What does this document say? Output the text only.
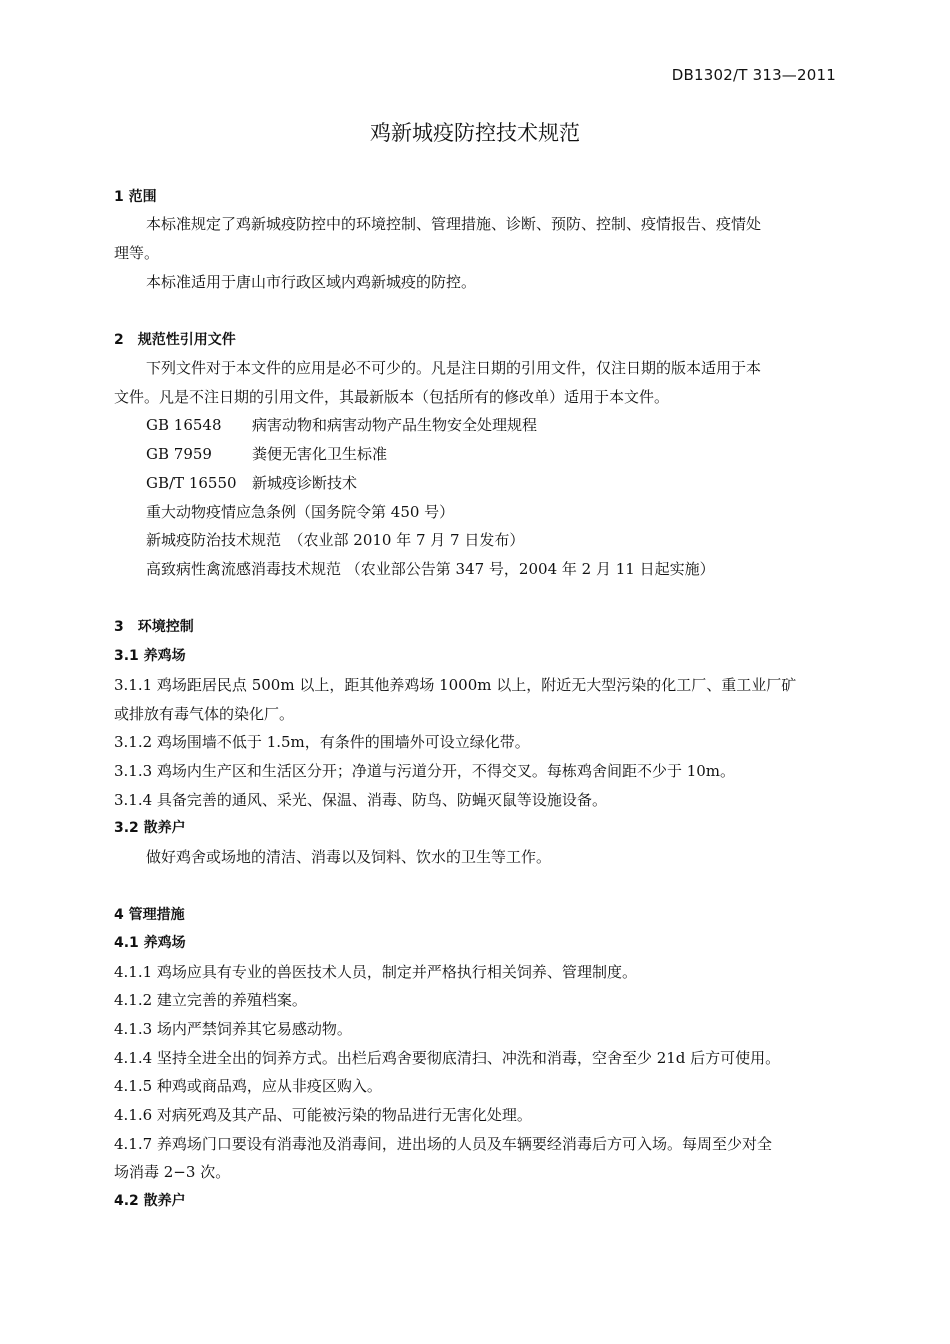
DB1302/T 313—2011
鸡新城疫防控技术规范
1 范围
本标准规定了鸡新城疫防控中的环境控制、管理措施、诊断、预防、控制、疫情报告、疫情处
理等。
本标准适用于唐山市行政区域内鸡新城疫的防控。
2　规范性引用文件
下列文件对于本文件的应用是必不可少的。凡是注日期的引用文件，仅注日期的版本适用于本
文件。凡是不注日期的引用文件，其最新版本（包括所有的修改单）适用于本文件。
GB 16548 病害动物和病害动物产品生物安全处理规程
GB 7959	粪便无害化卫生标准
GB/T 16550 新城疫诊断技术
重大动物疫情应急条例（国务院令第 450 号）
新城疫防治技术规范　（农业部 2010 年 7 月 7 日发布）
高致病性禽流感消毒技术规范 （农业部公告第 347 号，2004 年 2 月 11 日起实施）
3　环境控制
3.1 养鸡场
3.1.1 鸡场距居民点 500m 以上，距其他养鸡场 1000m 以上，附近无大型污染的化工厂、重工业厂矿
或排放有毒气体的染化厂。
3.1.2 鸡场围墙不低于 1.5m，有条件的围墙外可设立绿化带。
3.1.3 鸡场内生产区和生活区分开；净道与污道分开，不得交叉。每栋鸡舍间距不少于 10m。
3.1.4 具备完善的通风、采光、保温、消毒、防鸟、防蝇灭鼠等设施设备。
3.2 散养户
做好鸡舍或场地的清洁、消毒以及饲料、饮水的卫生等工作。
4 管理措施
4.1 养鸡场
4.1.1 鸡场应具有专业的兽医技术人员，制定并严格执行相关饲养、管理制度。
4.1.2 建立完善的养殖档案。
4.1.3 场内严禁饲养其它易感动物。
4.1.4 坚持全进全出的饲养方式。出栏后鸡舍要彻底清扫、冲洗和消毒，空舍至少 21d 后方可使用。
4.1.5 种鸡或商品鸡，应从非疫区购入。
4.1.6 对病死鸡及其产品、可能被污染的物品进行无害化处理。
4.1.7 养鸡场门口要设有消毒池及消毒间，进出场的人员及车辆要经消毒后方可入场。每周至少对全
场消毒 2−3 次。
4.2 散养户
